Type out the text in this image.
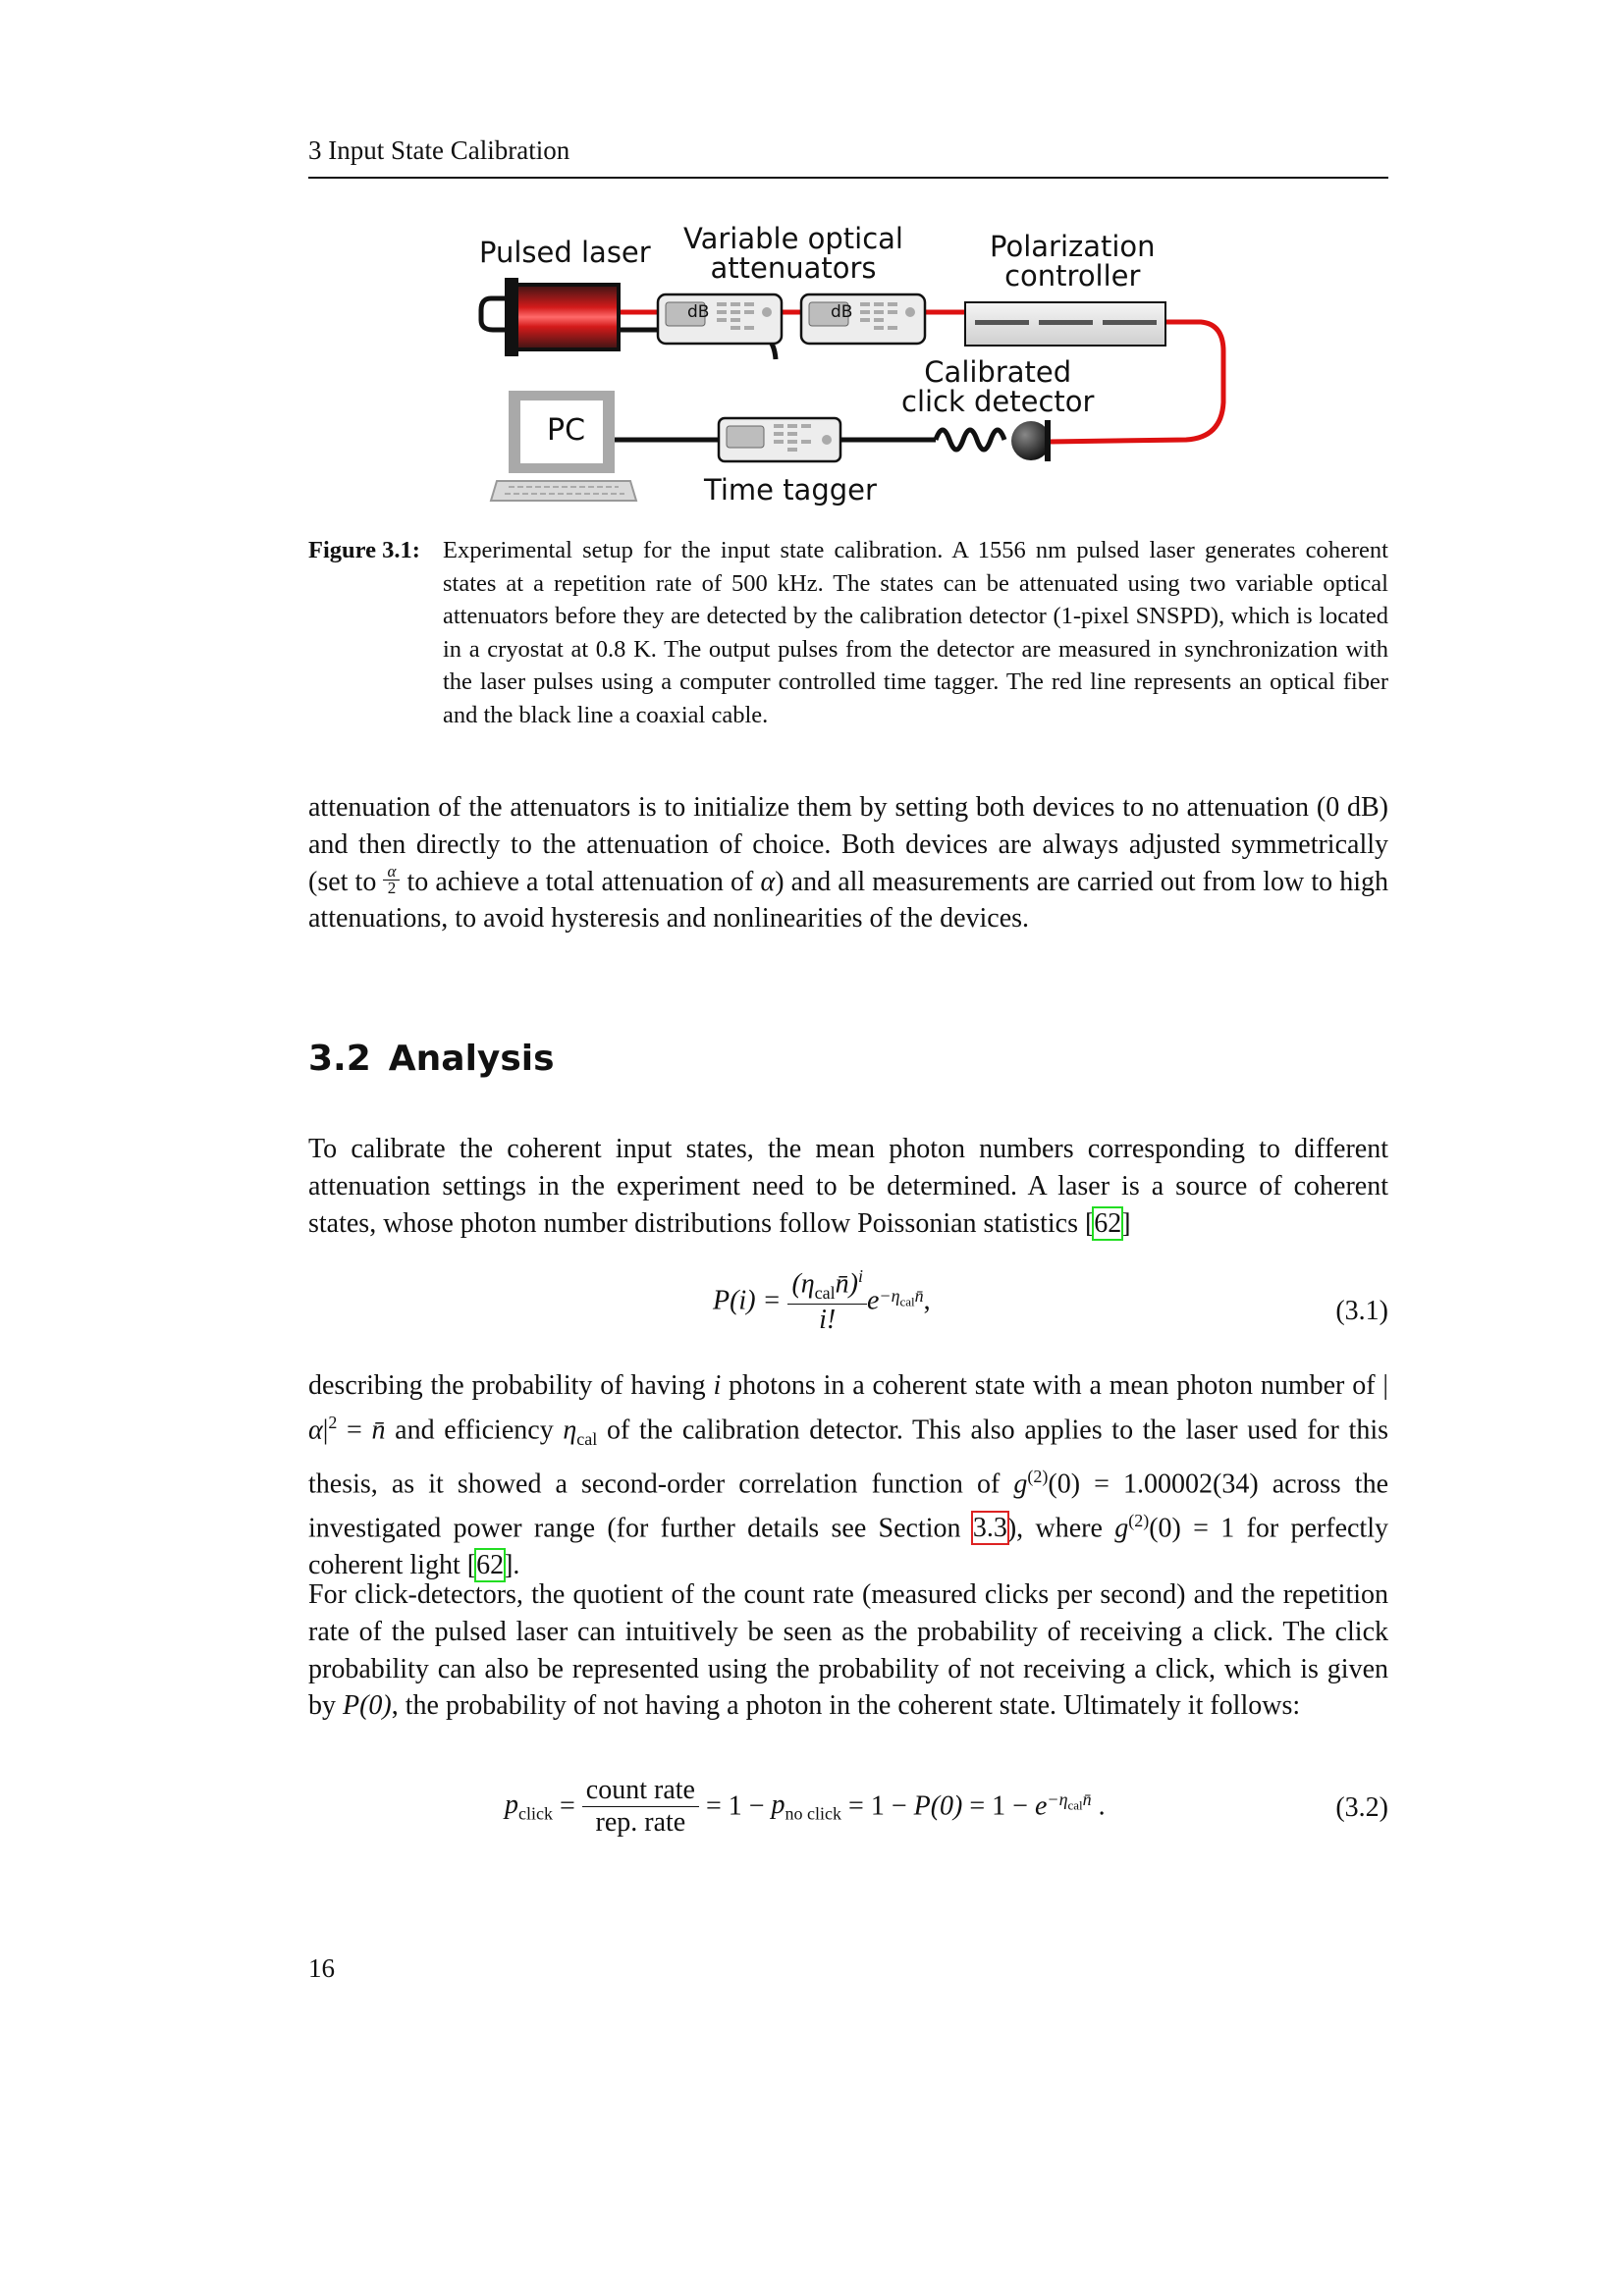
3 Input State Calibration
Pulsed laser Variable optical
attenuators
Polarization
controller
dB	dB
PC
Calibrated
click detector
Time tagger
Figure 3.1: Experimental setup for the input state calibration. A 1556 nm pulsed laser generates coherent states at a repetition rate of 500 kHz. The states can be attenuated using two variable optical attenuators before they are detected by the calibration detector (1-pixel SNSPD), which is located in a cryostat at 0.8 K. The output pulses from the detector are measured in synchronization with the laser pulses using a computer controlled time tagger. The red line represents an optical fiber and the black line a coaxial cable.
attenuation of the attenuators is to initialize them by setting both devices to no attenuation (0 dB) and then directly to the attenuation of choice. Both devices are always adjusted symmetrically (set to $\frac{\alpha}{2}$ to achieve a total attenuation of α) and all measurements are carried out from low to high attenuations, to avoid hysteresis and nonlinearities of the devices.
3.2 Analysis
To calibrate the coherent input states, the mean photon numbers corresponding to different attenuation settings in the experiment need to be determined. A laser is a source of coherent states, whose photon number distributions follow Poissonian statistics [62]
$P(i) = \frac{(\eta_{cal}n̄)^i}{i!} e^{-\eta_{cal}n̄}$,	(3.1)
describing the probability of having i photons in a coherent state with a mean photon number of $|\alpha|^2$ = n̄ and efficiency $\eta_{cal}$ of the calibration detector. This also applies to the laser used for this thesis, as it showed a second-order correlation function of $g^{(2)}(0) = 1.00002(34)$ across the investigated power range (for further details see Section 3.3), where $g^{(2)}(0) = 1$ for perfectly coherent light [62].
For click-detectors, the quotient of the count rate (measured clicks per second) and the repetition rate of the pulsed laser can intuitively be seen as the probability of receiving a click. The click probability can also be represented using the probability of not receiving a click, which is given by P(0), the probability of not having a photon in the coherent state. Ultimately it follows:
$p_{click} = \frac{\text{count rate}}{\text{rep. rate}} = 1 - p_{no click} = 1 - P(0) = 1 - e^{-\eta_{cal}n̄}$ .	(3.2)
16
